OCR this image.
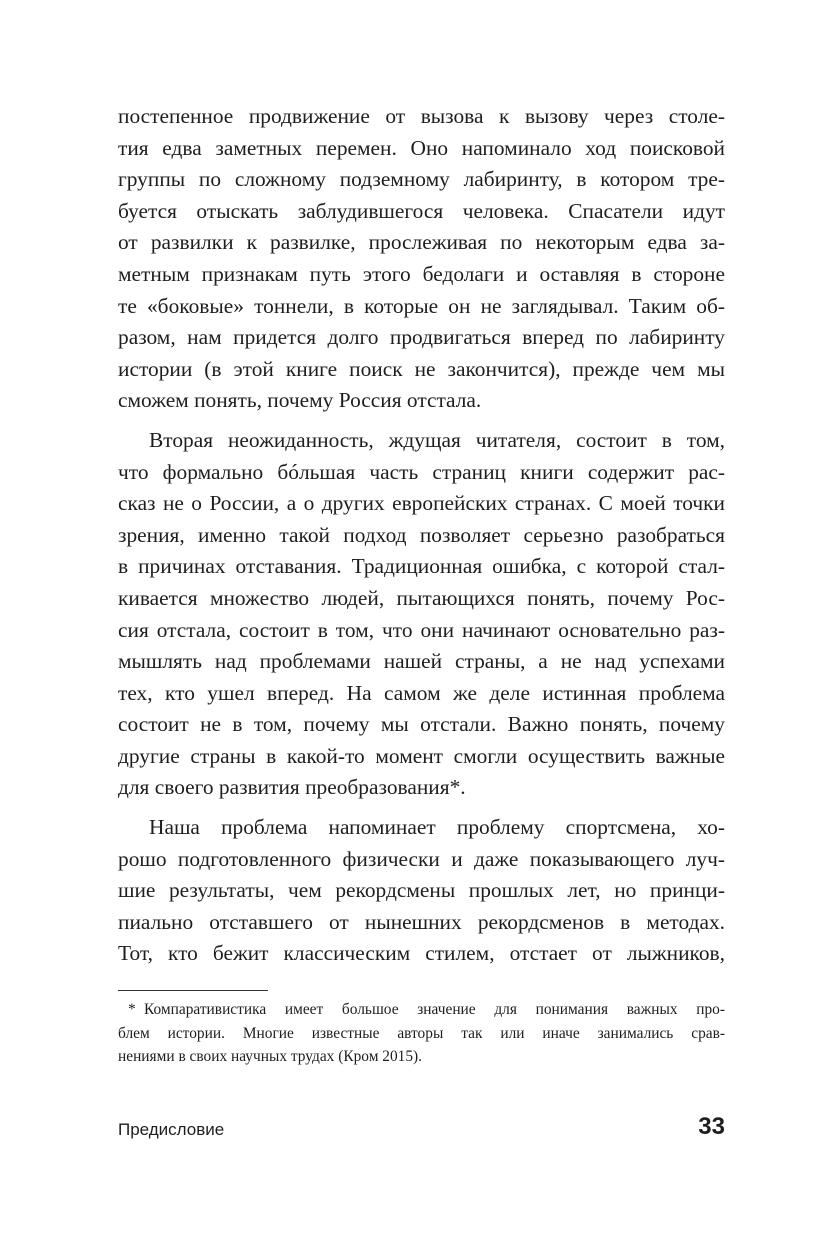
постепенное продвижение от вызова к вызову через столе-
тия едва заметных перемен. Оно напоминало ход поисковой
группы по сложному подземному лабиринту, в котором тре-
буется отыскать заблудившегося человека. Спасатели идут
от развилки к развилке, прослеживая по некоторым едва за-
метным признакам путь этого бедолаги и оставляя в стороне
те «боковые» тоннели, в которые он не заглядывал. Таким об-
разом, нам придется долго продвигаться вперед по лабиринту
истории (в этой книге поиск не закончится), прежде чем мы
сможем понять, почему Россия отстала.
Вторая неожиданность, ждущая читателя, состоит в том,
что формально бóльшая часть страниц книги содержит рас-
сказ не о России, а о других европейских странах. С моей точки
зрения, именно такой подход позволяет серьезно разобраться
в причинах отставания. Традиционная ошибка, с которой стал-
кивается множество людей, пытающихся понять, почему Рос-
сия отстала, состоит в том, что они начинают основательно раз-
мышлять над проблемами нашей страны, а не над успехами
тех, кто ушел вперед. На самом же деле истинная проблема
состоит не в том, почему мы отстали. Важно понять, почему
другие страны в какой-то момент смогли осуществить важные
для своего развития преобразования*.
Наша проблема напоминает проблему спортсмена, хо-
рошо подготовленного физически и даже показывающего луч-
шие результаты, чем рекордсмены прошлых лет, но принци-
пиально отставшего от нынешних рекордсменов в методах.
Тот, кто бежит классическим стилем, отстает от лыжников,
* Компаративистика имеет большое значение для понимания важных про-
блем истории. Многие известные авторы так или иначе занимались срав-
нениями в своих научных трудах (Кром 2015).
Предисловие	33
